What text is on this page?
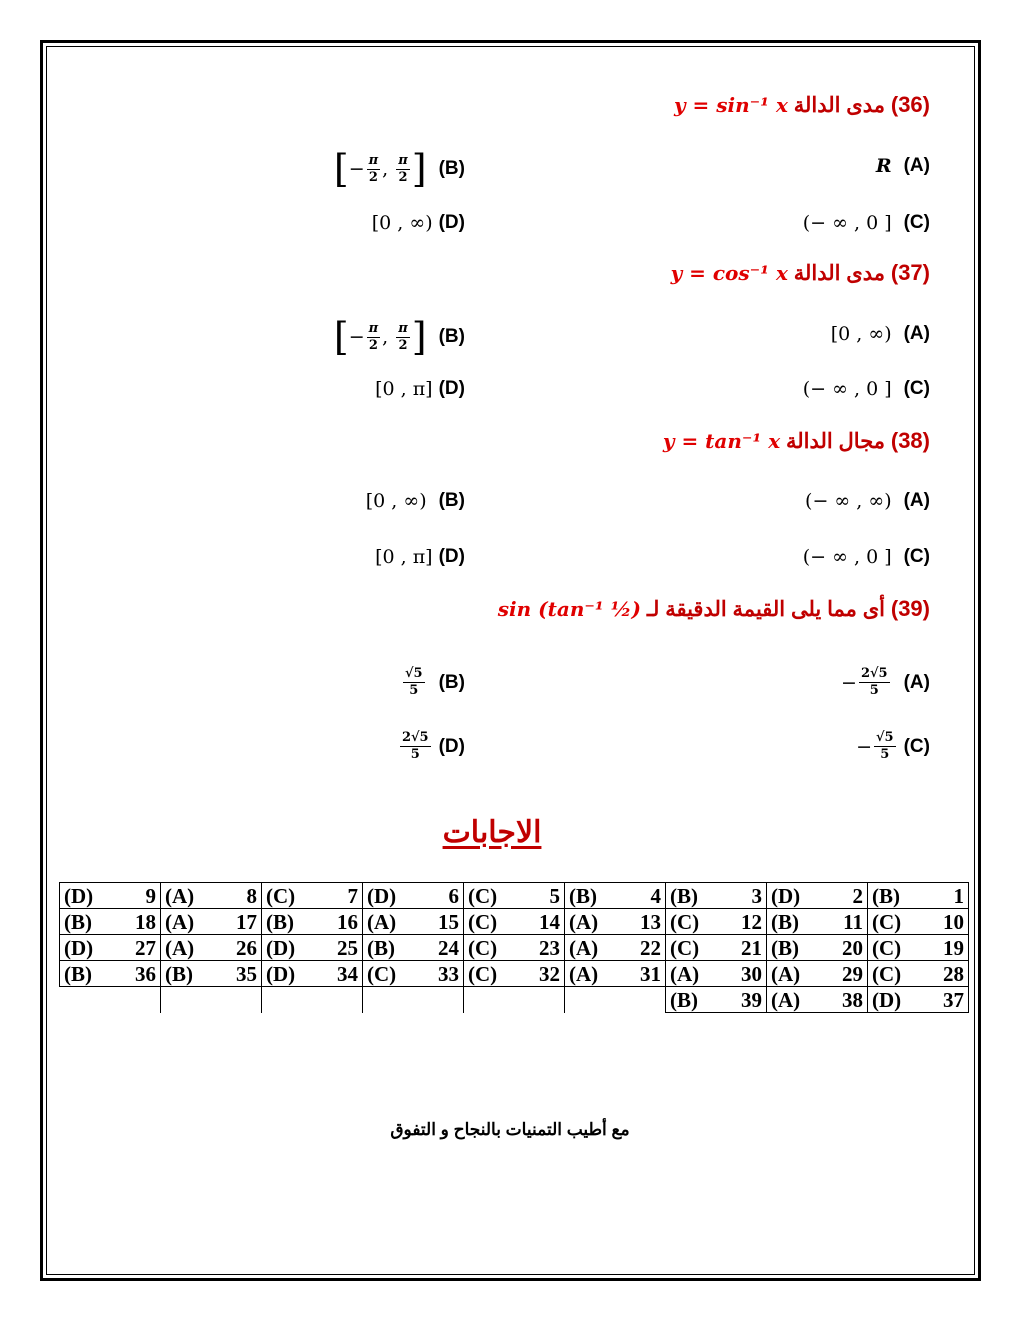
(36) مدى الدالة y = sin⁻¹ x
R (A)
[ − $\frac{\pi}{2}$ , $\frac{\pi}{2}$ ] (B)
(− ∞ , 0 ] (C)
[0 , ∞) (D)
(37) مدى الدالة y = cos⁻¹ x
[0 , ∞) (A)
[ − $\frac{\pi}{2}$ , $\frac{\pi}{2}$ ] (B)
(− ∞ , 0 ] (C)
[0 , π] (D)
(38) مجال الدالة y = tan⁻¹ x
(− ∞ , ∞) (A)
[0 , ∞) (B)
(− ∞ , 0 ] (C)
[0 , π] (D)
(39) أى مما يلى القيمة الدقيقة لـ sin (tan⁻¹ ½)
− $\frac{2√5}{5} (A)$
$\frac{√5}{5} (B)$
− $\frac{√5}{5} (C)$
$\frac{2√5}{5} (D)$
الاجابات
(D) 9	(A) 8	(C) 7	(D) 6	(C) 5	(B) 4	(B) 3	(D) 2	(B) 1

(B) 18	(A) 17	(B) 16	(A) 15	(C) 14	(A) 13	(C) 12	(B) 11	(C) 10

(D) 27	(A) 26	(D) 25	(B) 24	(C) 23	(A) 22	(C) 21	(B) 20	(C) 19

(B) 36	(B) 35	(D) 34	(C) 33	(C) 32	(A) 31	(A) 30	(A) 29	(C) 28

						(B) 39	(A) 38	(D) 37
مع أطيب التمنيات بالنجاح و التفوق
